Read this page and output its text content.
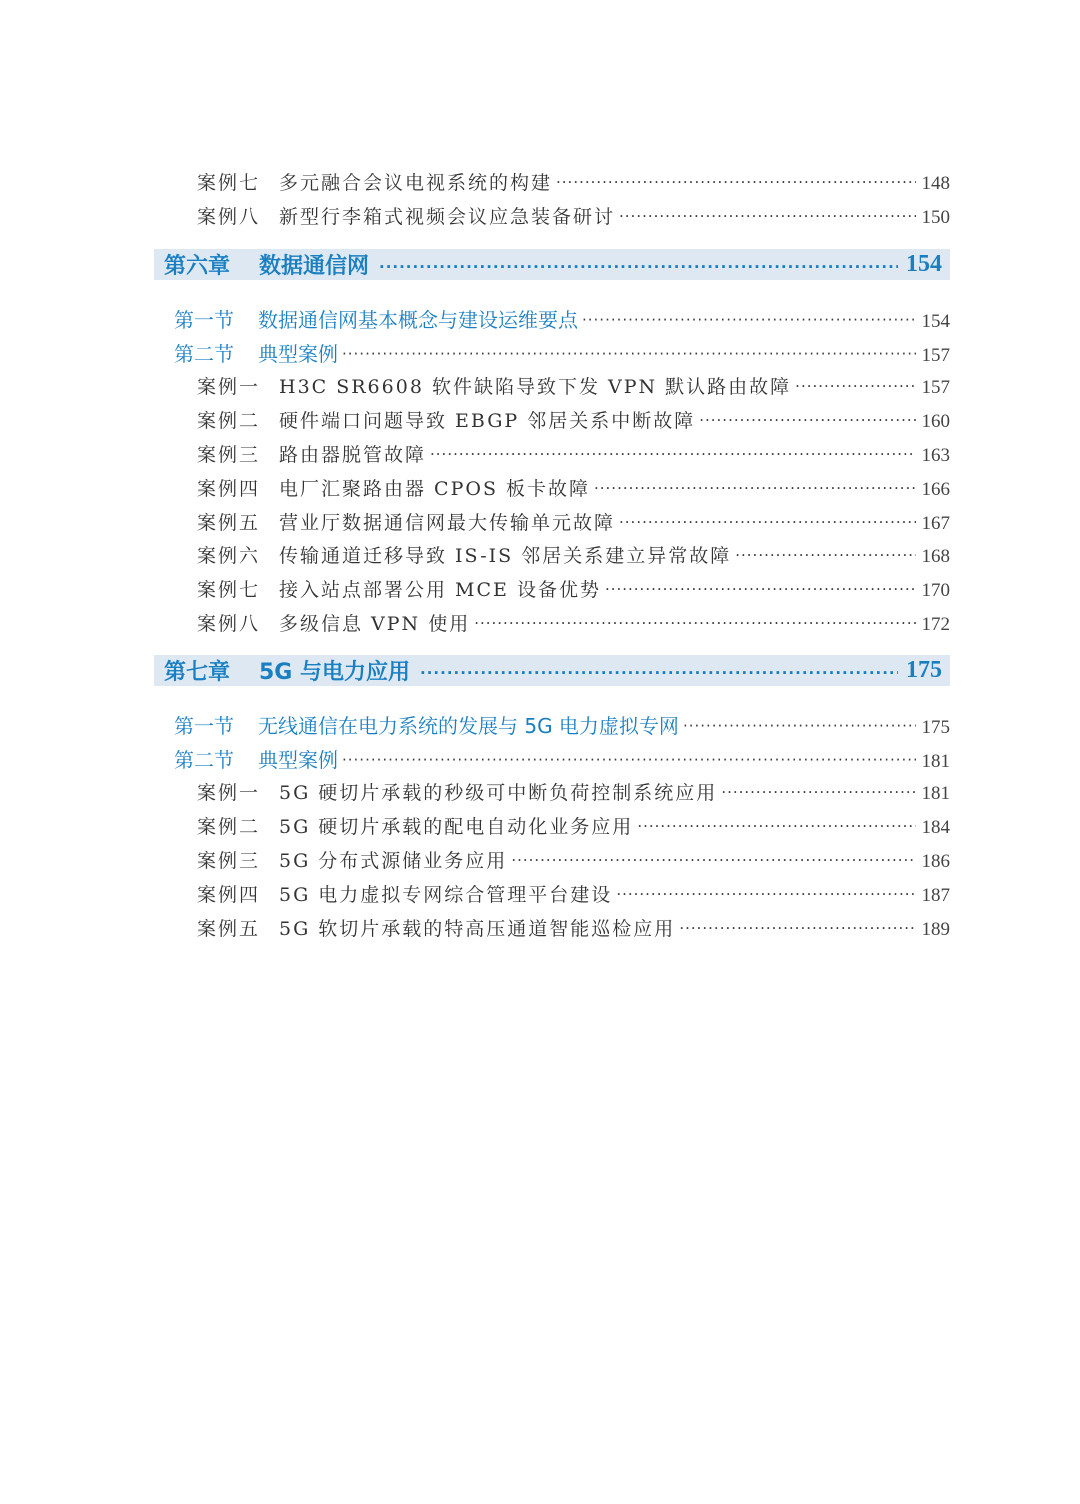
案例七 多元融合会议电视系统的构建 ·····	148
案例八 新型行李箱式视频会议应急装备研讨 ·····	150
第六章	数据通信网 ·····	154
第一节	数据通信网基本概念与建设运维要点 ·····	154
第二节	典型案例 ·····	157
案例一 H3C SR6608 软件缺陷导致下发 VPN 默认路由故障 ·····	157
案例二 硬件端口问题导致 EBGP 邻居关系中断故障 ·····	160
案例三 路由器脱管故障 ·····	163
案例四 电厂汇聚路由器 CPOS 板卡故障 ·····	166
案例五 营业厅数据通信网最大传输单元故障 ·····	167
案例六 传输通道迁移导致 IS-IS 邻居关系建立异常故障 ·····	168
案例七 接入站点部署公用 MCE 设备优势 ·····	170
案例八 多级信息 VPN 使用 ·····	172
第七章	5G 与电力应用 ·····	175
第一节	无线通信在电力系统的发展与 5G 电力虚拟专网 ·····	175
第二节	典型案例 ·····	181
案例一 5G 硬切片承载的秒级可中断负荷控制系统应用 ·····	181
案例二 5G 硬切片承载的配电自动化业务应用 ·····	184
案例三 5G 分布式源储业务应用 ·····	186
案例四 5G 电力虚拟专网综合管理平台建设 ·····	187
案例五 5G 软切片承载的特高压通道智能巡检应用 ·····	189
